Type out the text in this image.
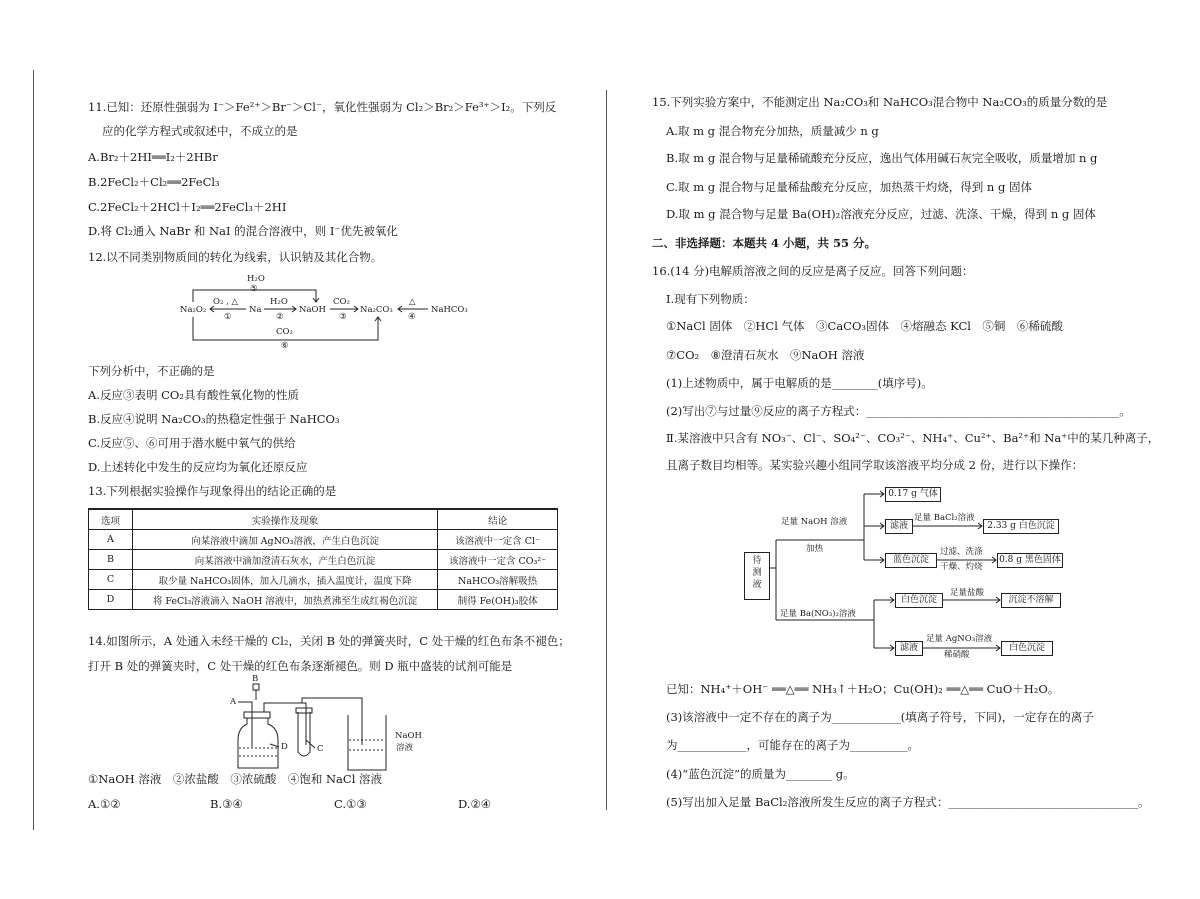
11.已知：还原性强弱为 I⁻＞Fe²⁺＞Br⁻＞Cl⁻，氧化性强弱为 Cl₂＞Br₂＞Fe³⁺＞I₂。下列反
应的化学方程式或叙述中，不成立的是
A.Br₂＋2HI══I₂＋2HBr
B.2FeCl₂＋Cl₂══2FeCl₃
C.2FeCl₂＋2HCl＋I₂══2FeCl₃＋2HI
D.将 Cl₂通入 NaBr 和 NaI 的混合溶液中，则 I⁻优先被氧化
12.以不同类别物质间的转化为线索，认识钠及其化合物。
Na₂O₂	Na	NaOH	Na₂CO₃	NaHCO₃
H₂O
⑤
O₂ , △
①
H₂O
②
CO₂
③
△
④
CO₂
⑥
下列分析中，不正确的是
A.反应③表明 CO₂具有酸性氧化物的性质
B.反应④说明 Na₂CO₃的热稳定性强于 NaHCO₃
C.反应⑤、⑥可用于潜水艇中氧气的供给
D.上述转化中发生的反应均为氧化还原反应
13.下列根据实验操作与现象得出的结论正确的是
选项	实验操作及现象	结论
A	向某溶液中滴加 AgNO₃溶液，产生白色沉淀	该溶液中一定含 Cl⁻
B	向某溶液中滴加澄清石灰水，产生白色沉淀	该溶液中一定含 CO₃²⁻
C	取少量 NaHCO₃固体，加入几滴水，插入温度计，温度下降	NaHCO₃溶解吸热
D	将 FeCl₃溶液滴入 NaOH 溶液中，加热煮沸至生成红褐色沉淀	制得 Fe(OH)₃胶体
14.如图所示，A 处通入未经干燥的 Cl₂，关闭 B 处的弹簧夹时，C 处干燥的红色布条不褪色；
打开 B 处的弹簧夹时，C 处干燥的红色布条逐渐褪色。则 D 瓶中盛装的试剂可能是
A
B
D	C
NaOH
溶液
①NaOH 溶液　②浓盐酸　③浓硫酸　④饱和 NaCl 溶液
A.①②	B.③④	C.①③	D.②④
15.下列实验方案中，不能测定出 Na₂CO₃和 NaHCO₃混合物中 Na₂CO₃的质量分数的是
A.取 m g 混合物充分加热，质量减少 n g
B.取 m g 混合物与足量稀硫酸充分反应，逸出气体用碱石灰完全吸收，质量增加 n g
C.取 m g 混合物与足量稀盐酸充分反应，加热蒸干灼烧，得到 n g 固体
D.取 m g 混合物与足量 Ba(OH)₂溶液充分反应，过滤、洗涤、干燥，得到 n g 固体
二、非选择题：本题共 4 小题，共 55 分。
16.(14 分)电解质溶液之间的反应是离子反应。回答下列问题：
Ⅰ.现有下列物质：
①NaCl 固体　②HCl 气体　③CaCO₃固体　④熔融态 KCl　⑤铜　⑥稀硫酸
⑦CO₂　⑧澄清石灰水　⑨NaOH 溶液
(1)上述物质中，属于电解质的是________(填序号)。
(2)写出⑦与过量⑨反应的离子方程式：____________________________________________。
Ⅱ.某溶液中只含有 NO₃⁻、Cl⁻、SO₄²⁻、CO₃²⁻、NH₄⁺、Cu²⁺、Ba²⁺和 Na⁺中的某几种离子，
且离子数目均相等。某实验兴趣小组同学取该溶液平均分成 2 份，进行以下操作：
待
测
液
足量 NaOH 溶液
加热
0.17 g 气体
滤液
足量 BaCl₂溶液
2.33 g 白色沉淀
蓝色沉淀
过滤、洗涤
干燥、灼烧
0.8 g 黑色固体
足量 Ba(NO₃)₂溶液
白色沉淀
足量盐酸
沉淀不溶解
滤液
足量 AgNO₃溶液
稀硝酸
白色沉淀
已知：NH₄⁺＋OH⁻ ══△══ NH₃↑＋H₂O；Cu(OH)₂ ══△══ CuO＋H₂O。
(3)该溶液中一定不存在的离子为____________(填离子符号，下同)，一定存在的离子
为____________，可能存在的离子为__________。
(4)“蓝色沉淀”的质量为________ g。
(5)写出加入足量 BaCl₂溶液所发生反应的离子方程式：_________________________________。
